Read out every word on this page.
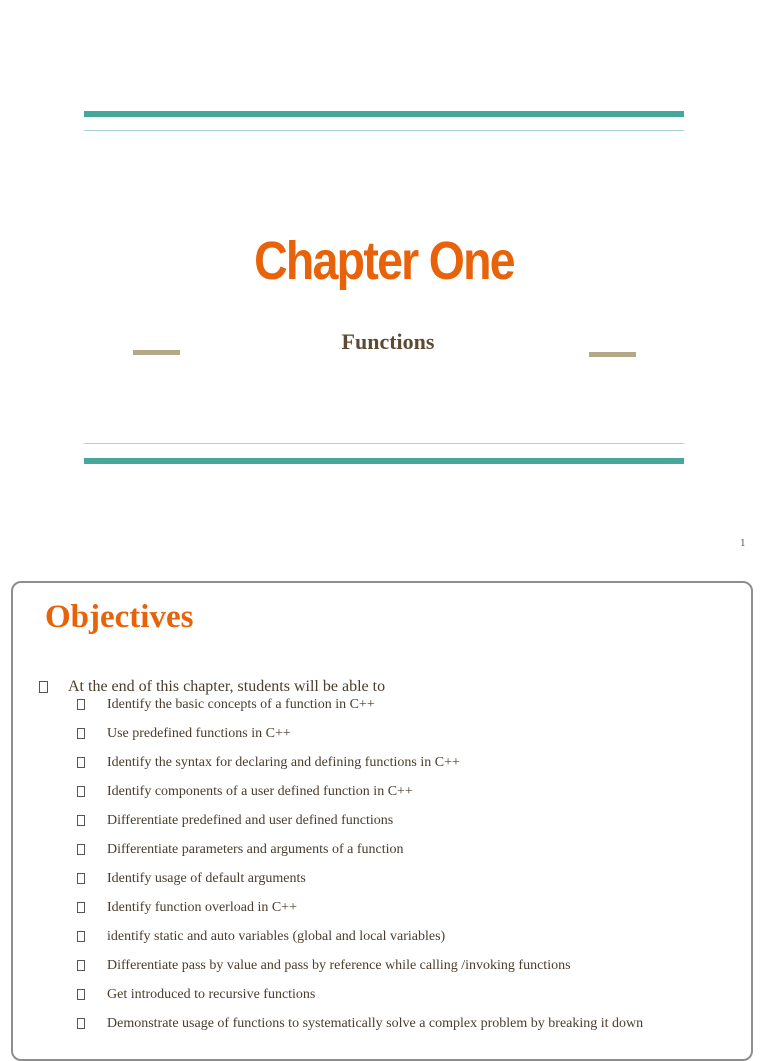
Chapter One
Functions
1
Objectives
At the end of this chapter, students will be able to
Identify the basic concepts of a function in C++
Use predefined functions in C++
Identify the syntax for declaring and defining functions in C++
Identify components of a user defined function in C++
Differentiate predefined and user defined functions
Differentiate parameters and arguments of a function
Identify usage of default arguments
Identify function overload in C++
identify static and auto variables (global and local variables)
Differentiate pass by value and pass by reference while calling /invoking functions
Get introduced to recursive functions
Demonstrate usage of functions to systematically solve a complex problem by breaking it down
